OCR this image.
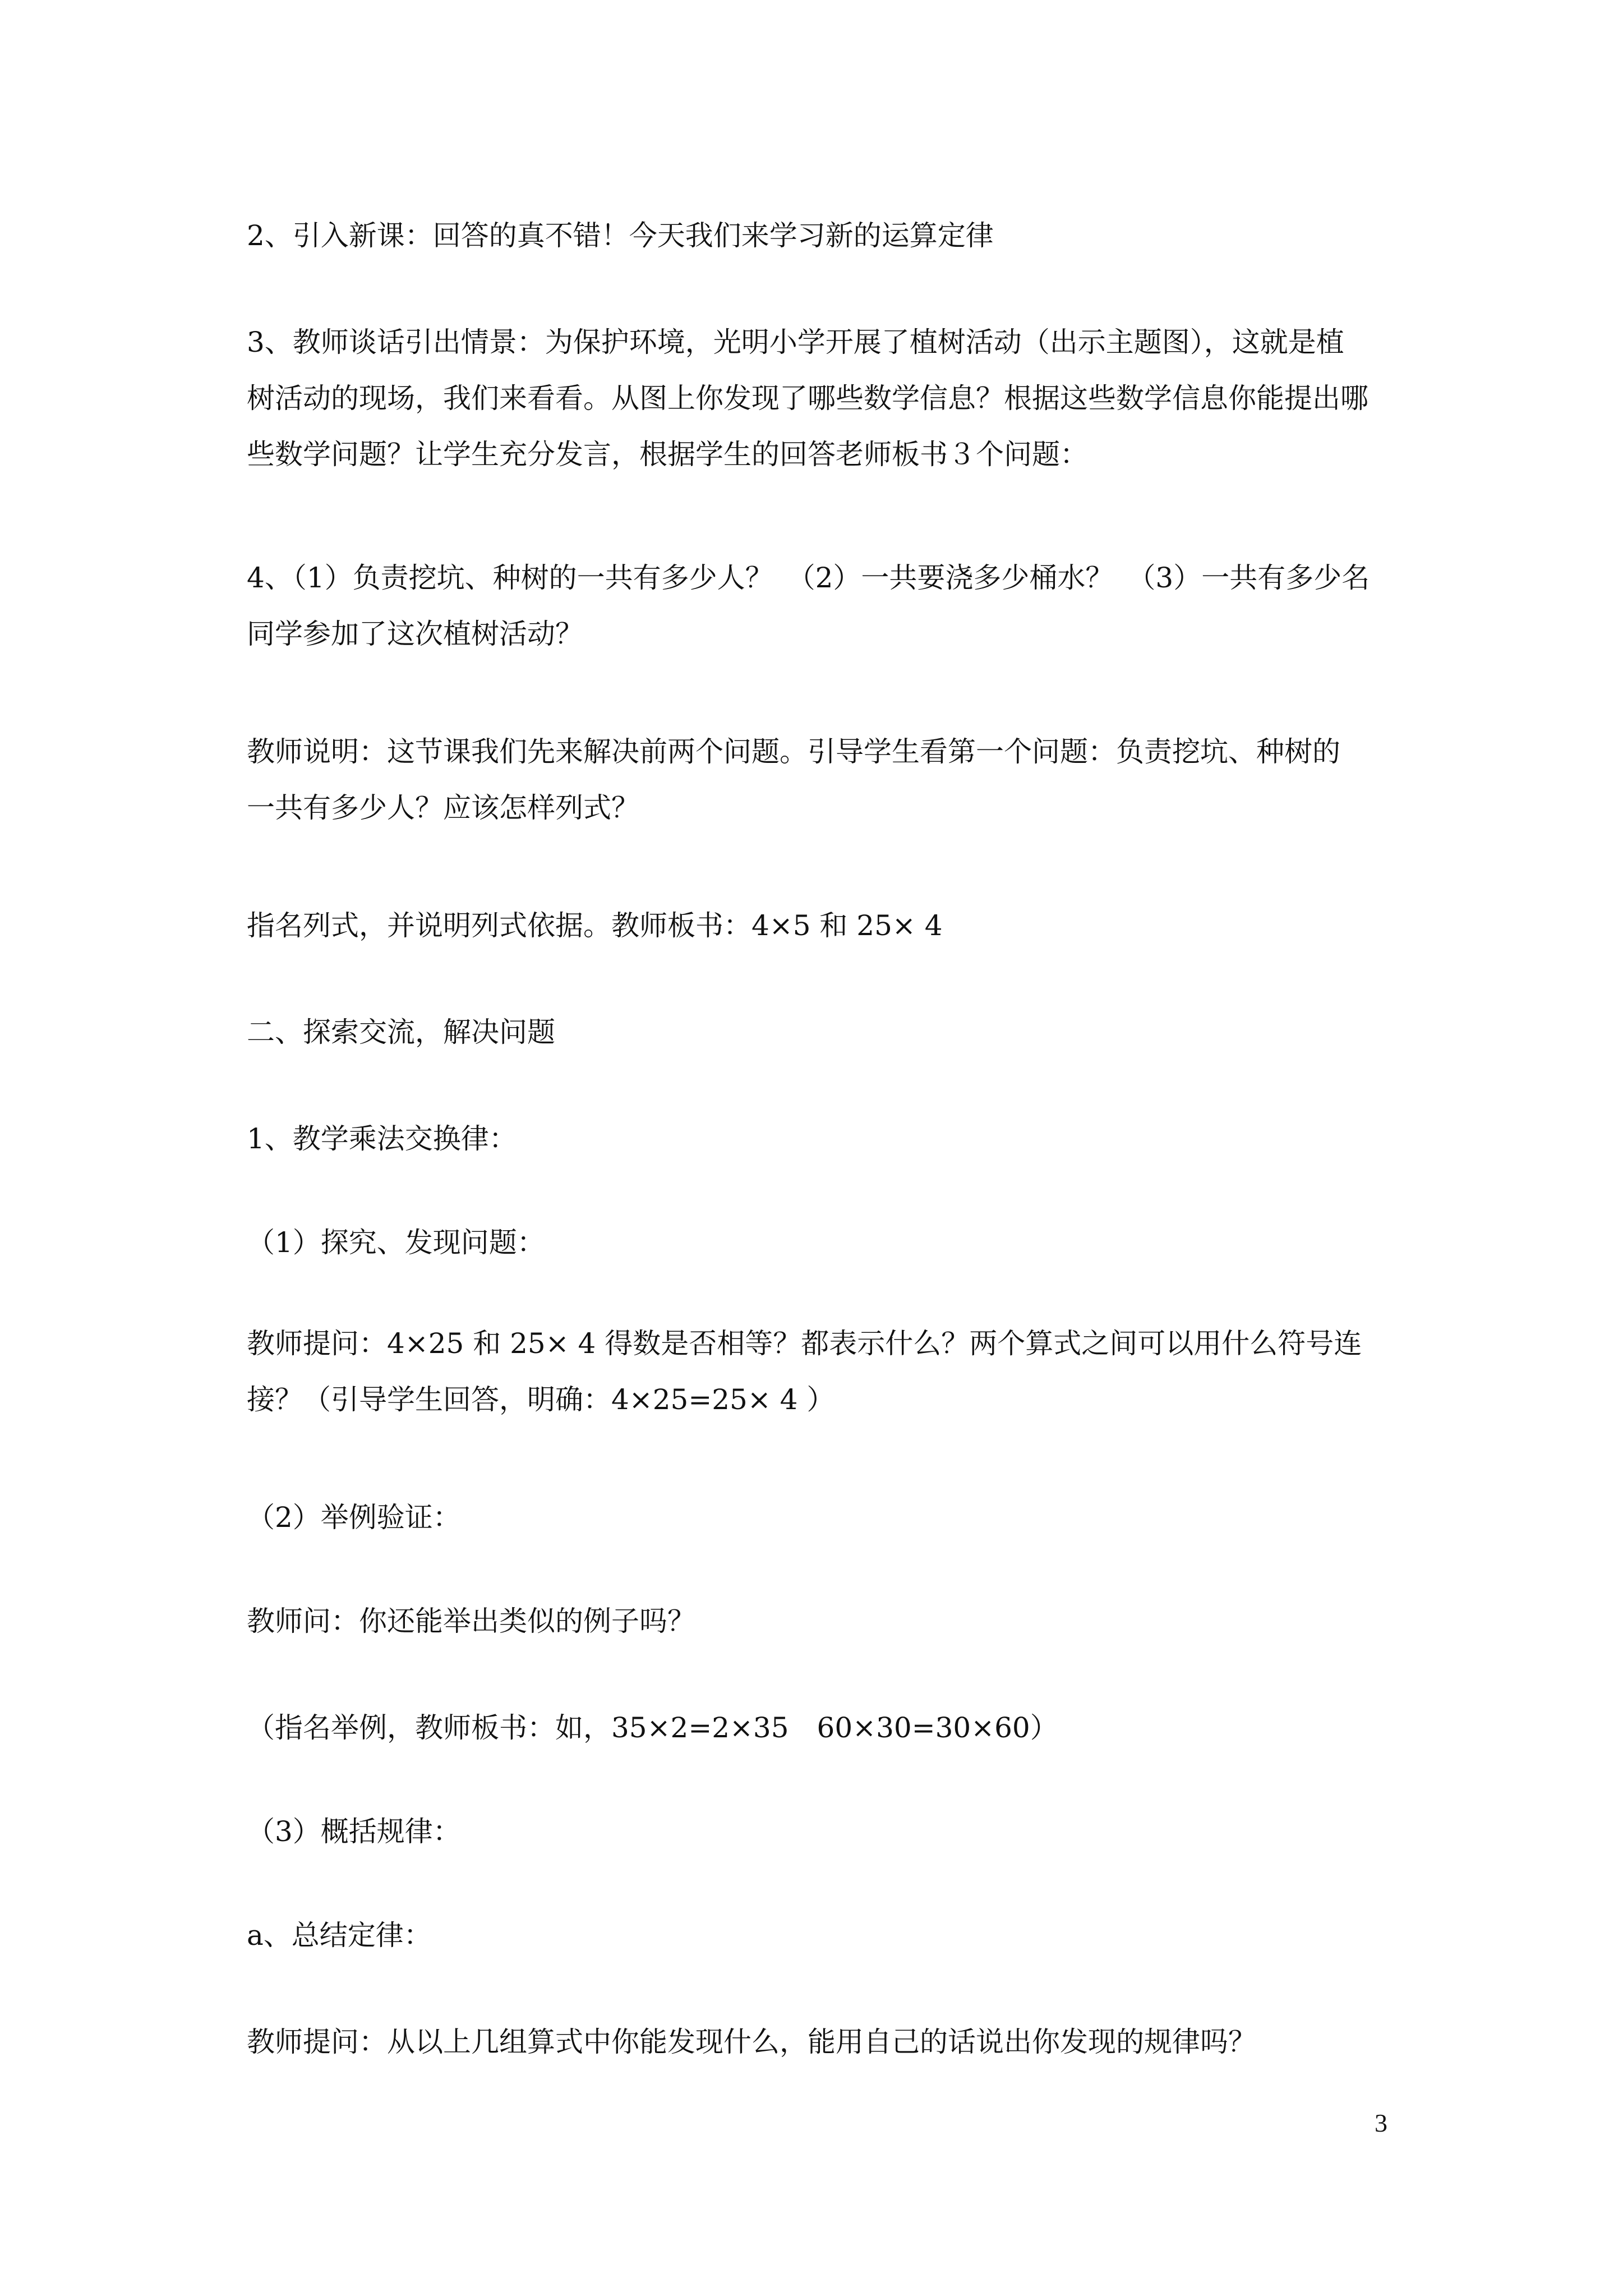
2、引入新课：回答的真不错！今天我们来学习新的运算定律

3、教师谈话引出情景：为保护环境，光明小学开展了植树活动（出示主题图），这就是植
树活动的现场，我们来看看。从图上你发现了哪些数学信息？根据这些数学信息你能提出哪
些数学问题？让学生充分发言，根据学生的回答老师板书３个问题：

4、（1）负责挖坑、种树的一共有多少人？　（2）一共要浇多少桶水？　（3）一共有多少名
同学参加了这次植树活动？

教师说明：这节课我们先来解决前两个问题。引导学生看第一个问题：负责挖坑、种树的
一共有多少人？应该怎样列式？

指名列式，并说明列式依据。教师板书：4×5 和 25× 4

二、探索交流，解决问题

1、教学乘法交换律：

（1）探究、发现问题：

教师提问：4×25 和 25× 4 得数是否相等？都表示什么？两个算式之间可以用什么符号连
接？（引导学生回答，明确：4×25=25× 4 ）

（2）举例验证：

教师问：你还能举出类似的例子吗？

（指名举例，教师板书：如，35×2=2×35　60×30=30×60）

（3）概括规律：

a、总结定律：

教师提问：从以上几组算式中你能发现什么，能用自己的话说出你发现的规律吗？

3
